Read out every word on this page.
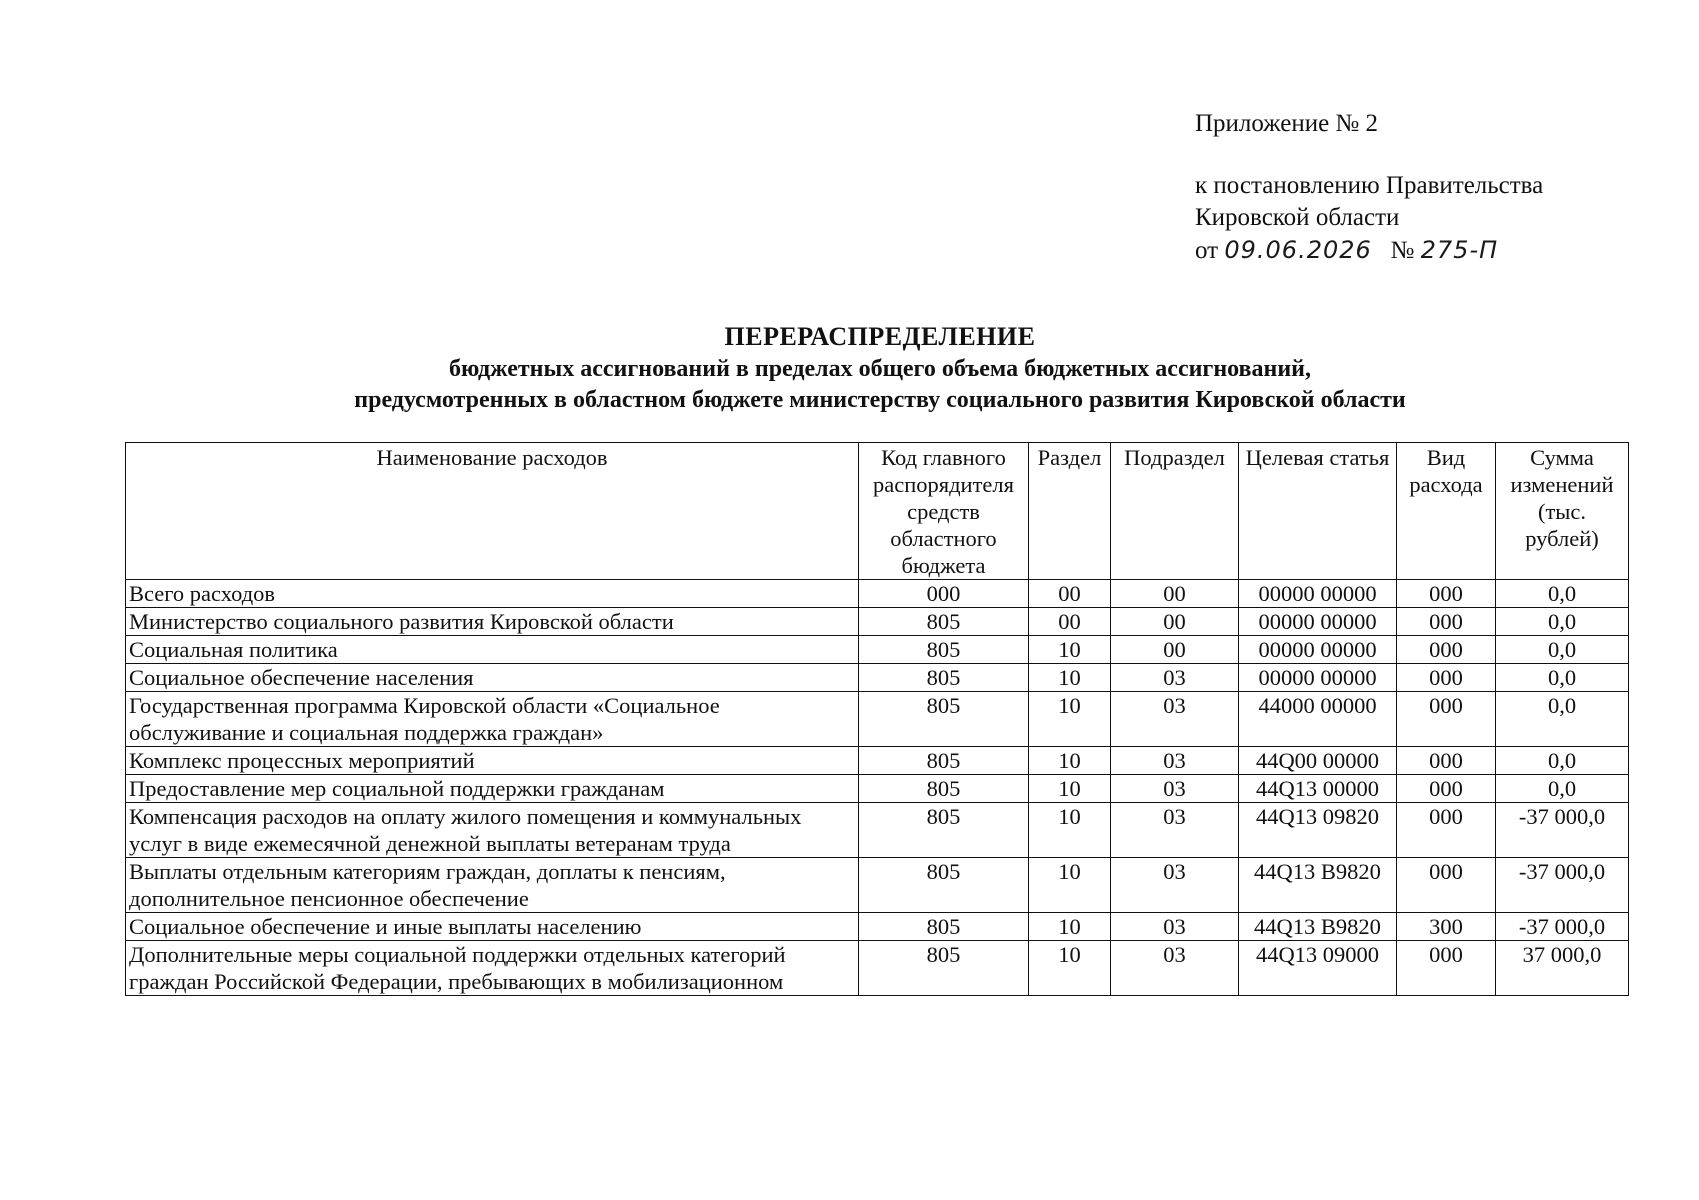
Приложение № 2
к постановлению Правительства
Кировской области
от 09.06.2026 № 275-П
ПЕРЕРАСПРЕДЕЛЕНИЕ
бюджетных ассигнований в пределах общего объема бюджетных ассигнований,
предусмотренных в областном бюджете министерству социального развития Кировской области
Наименование расходов	Код главного распорядителя средств областного бюджета	Раздел	Подраздел	Целевая статья	Вид расхода	Сумма изменений (тыс. рублей)
Всего расходов	000	00	00	00000 00000	000	0,0
Министерство социального развития Кировской области	805	00	00	00000 00000	000	0,0
Социальная политика	805	10	00	00000 00000	000	0,0
Социальное обеспечение населения	805	10	03	00000 00000	000	0,0
Государственная программа Кировской области «Социальное обслуживание и социальная поддержка граждан»	805	10	03	44000 00000	000	0,0
Комплекс процессных мероприятий	805	10	03	44Q00 00000	000	0,0
Предоставление мер социальной поддержки гражданам	805	10	03	44Q13 00000	000	0,0
Компенсация расходов на оплату жилого помещения и коммунальных услуг в виде ежемесячной денежной выплаты ветеранам труда	805	10	03	44Q13 09820	000	-37 000,0
Выплаты отдельным категориям граждан, доплаты к пенсиям, дополнительное пенсионное обеспечение	805	10	03	44Q13 В9820	000	-37 000,0
Социальное обеспечение и иные выплаты населению	805	10	03	44Q13 В9820	300	-37 000,0
Дополнительные меры социальной поддержки отдельных категорий граждан Российской Федерации, пребывающих в мобилизационном	805	10	03	44Q13 09000	000	37 000,0
